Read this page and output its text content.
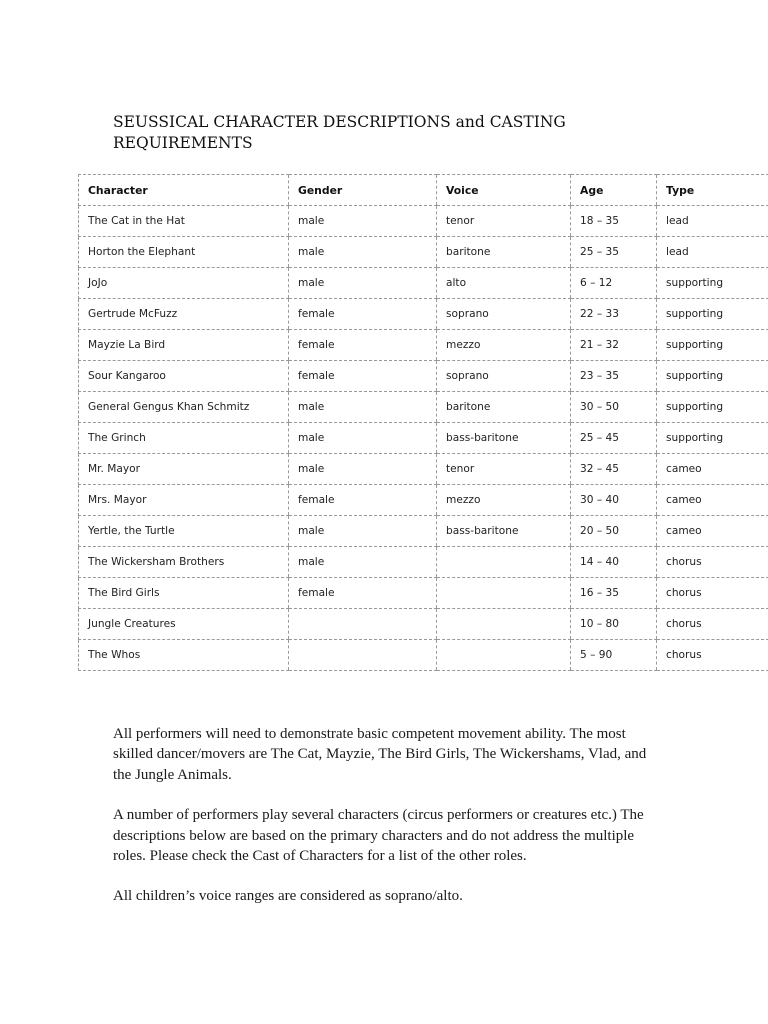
SEUSSICAL CHARACTER DESCRIPTIONS and CASTING REQUIREMENTS
Character	Gender	Voice	Age	Type
The Cat in the Hat	male	tenor	18 – 35	lead
Horton the Elephant	male	baritone	25 – 35	lead
JoJo	male	alto	6 – 12	supporting
Gertrude McFuzz	female	soprano	22 – 33	supporting
Mayzie La Bird	female	mezzo	21 – 32	supporting
Sour Kangaroo	female	soprano	23 – 35	supporting
General Gengus Khan Schmitz	male	baritone	30 – 50	supporting
The Grinch	male	bass-baritone	25 – 45	supporting
Mr. Mayor	male	tenor	32 – 45	cameo
Mrs. Mayor	female	mezzo	30 – 40	cameo
Yertle, the Turtle	male	bass-baritone	20 – 50	cameo
The Wickersham Brothers	male		14 – 40	chorus
The Bird Girls	female		16 – 35	chorus
Jungle Creatures			10 – 80	chorus
The Whos			5 – 90	chorus

All performers will need to demonstrate basic competent movement ability. The most skilled dancer/movers are The Cat, Mayzie, The Bird Girls, The Wickershams, Vlad, and the Jungle Animals.

A number of performers play several characters (circus performers or creatures etc.) The descriptions below are based on the primary characters and do not address the multiple roles. Please check the Cast of Characters for a list of the other roles.

All children’s voice ranges are considered as soprano/alto.
